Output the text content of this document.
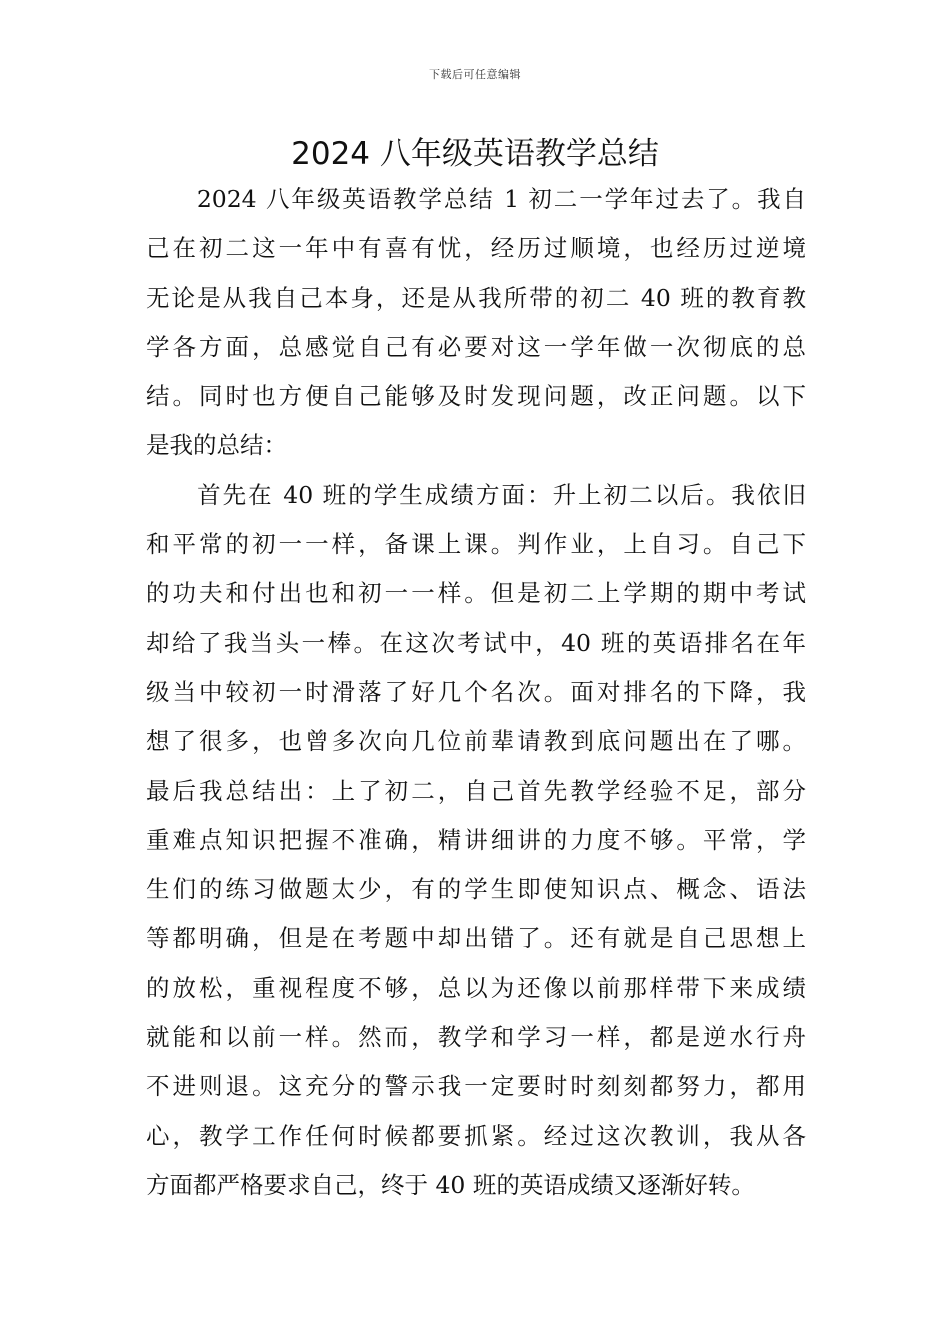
下载后可任意编辑
2024 八年级英语教学总结
　　2024 八年级英语教学总结 1 初二一学年过去了。我自
己在初二这一年中有喜有忧，经历过顺境，也经历过逆境
无论是从我自己本身，还是从我所带的初二 40 班的教育教
学各方面，总感觉自己有必要对这一学年做一次彻底的总
结。同时也方便自己能够及时发现问题，改正问题。以下
是我的总结：
　　首先在 40 班的学生成绩方面：升上初二以后。我依旧
和平常的初一一样，备课上课。判作业，上自习。自己下
的功夫和付出也和初一一样。但是初二上学期的期中考试
却给了我当头一棒。在这次考试中，40 班的英语排名在年
级当中较初一时滑落了好几个名次。面对排名的下降，我
想了很多，也曾多次向几位前辈请教到底问题出在了哪。
最后我总结出：上了初二，自己首先教学经验不足，部分
重难点知识把握不准确，精讲细讲的力度不够。平常，学
生们的练习做题太少，有的学生即使知识点、概念、语法
等都明确，但是在考题中却出错了。还有就是自己思想上
的放松，重视程度不够，总以为还像以前那样带下来成绩
就能和以前一样。然而，教学和学习一样，都是逆水行舟
不进则退。这充分的警示我一定要时时刻刻都努力，都用
心，教学工作任何时候都要抓紧。经过这次教训，我从各
方面都严格要求自己，终于 40 班的英语成绩又逐渐好转。
